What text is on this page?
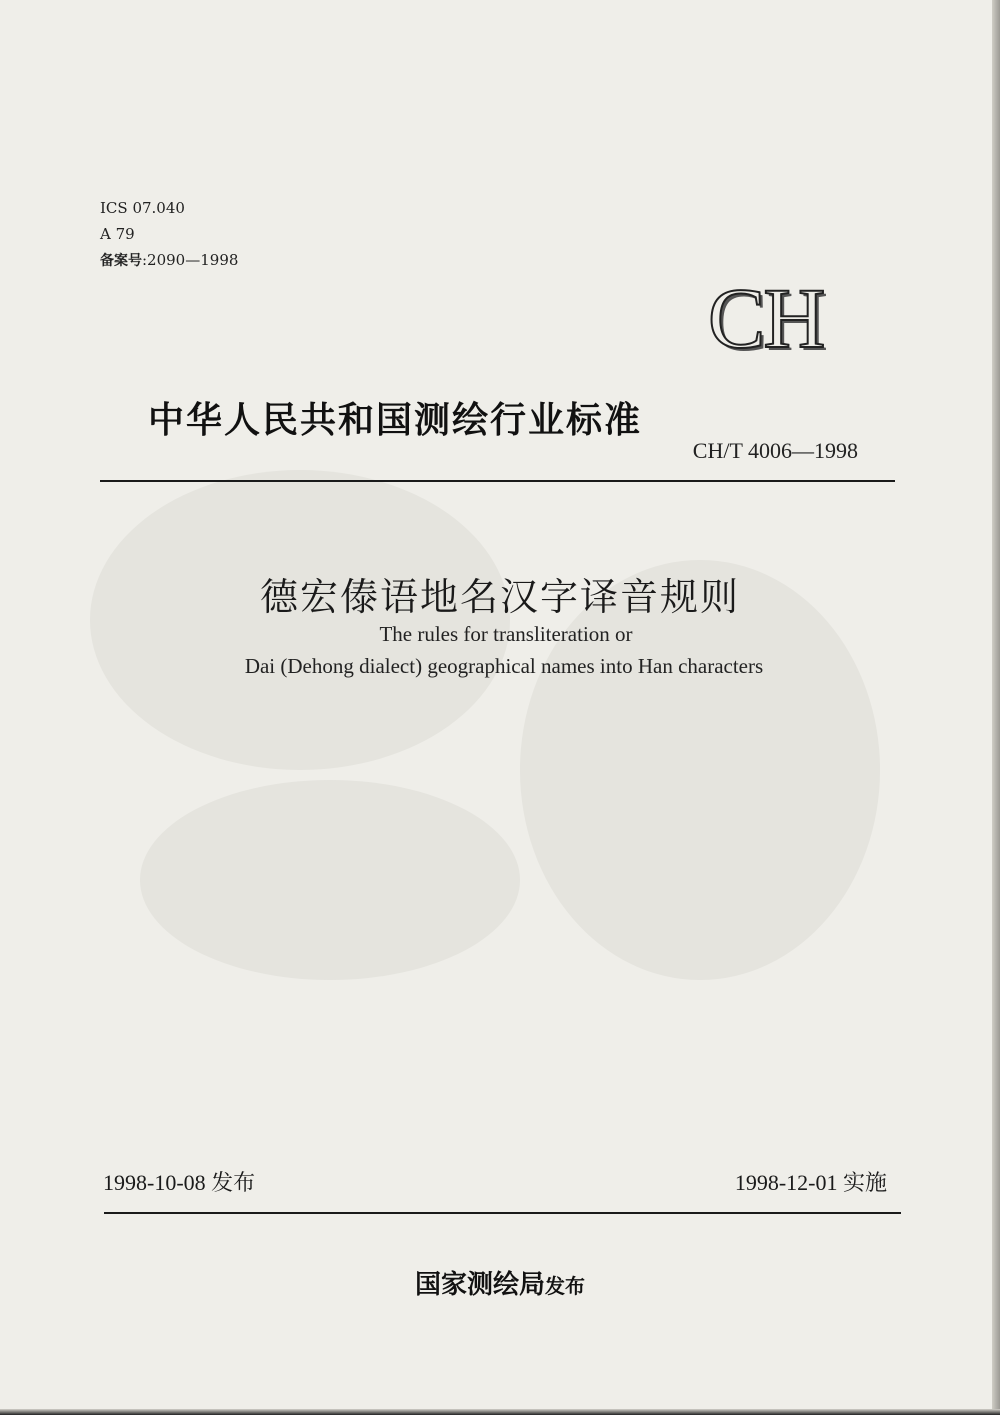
ICS 07.040
A 79
备案号:2090—1998
CH
中华人民共和国测绘行业标准
CH/T 4006—1998
德宏傣语地名汉字译音规则
The rules for transliteration or
Dai (Dehong dialect) geographical names into Han characters
1998-10-08 发布	1998-12-01 实施
国家测绘局发布
